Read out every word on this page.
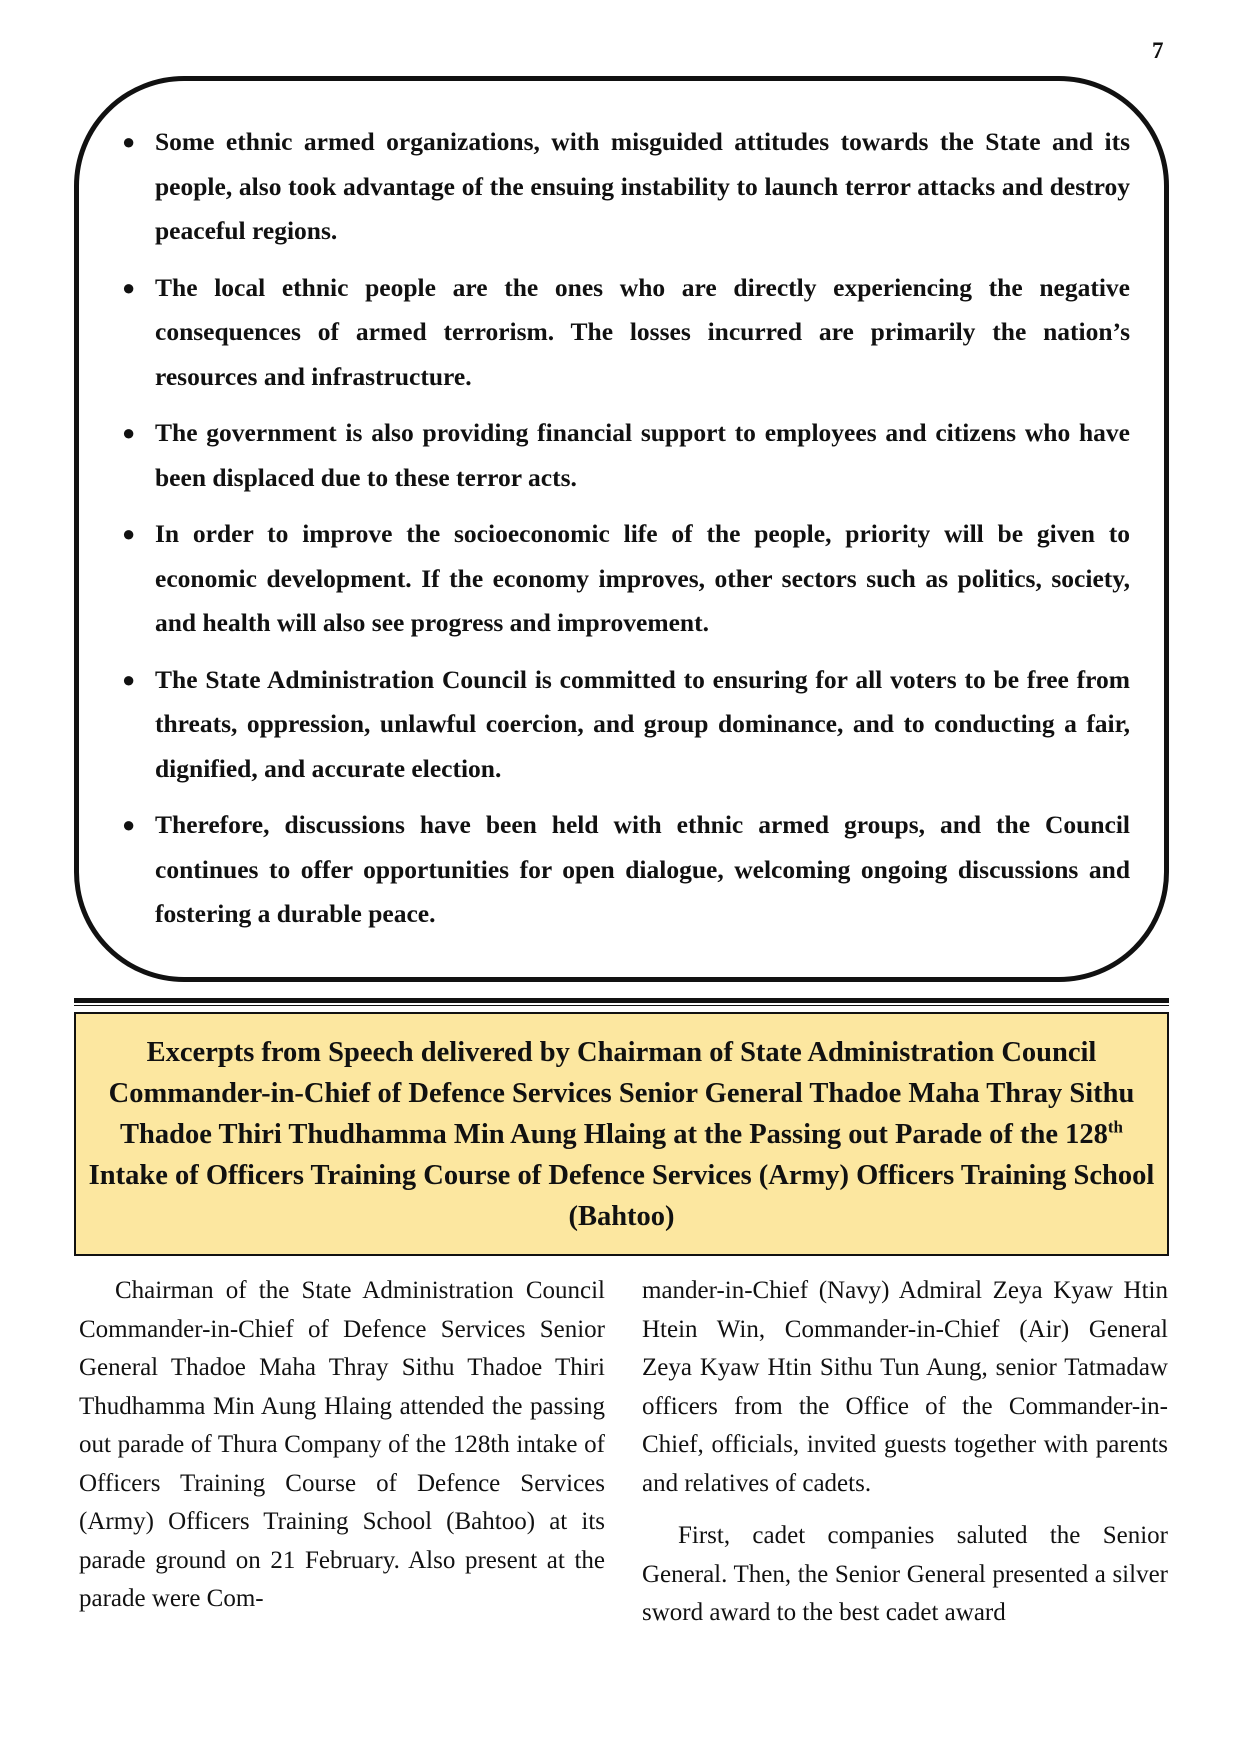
7
● Some ethnic armed organizations, with misguided attitudes towards the State and its people, also took advantage of the ensuing instability to launch terror attacks and destroy peaceful regions.
● The local ethnic people are the ones who are directly experiencing the negative consequences of armed terrorism. The losses incurred are primarily the nation’s resources and infrastructure.
● The government is also providing financial support to employees and citizens who have been displaced due to these terror acts.
● In order to improve the socioeconomic life of the people, priority will be given to economic development. If the economy improves, other sectors such as politics, society, and health will also see progress and improvement.
● The State Administration Council is committed to ensuring for all voters to be free from threats, oppression, unlawful coercion, and group dominance, and to conducting a fair, dignified, and accurate election.
● Therefore, discussions have been held with ethnic armed groups, and the Council continues to offer opportunities for open dialogue, welcoming ongoing discussions and fostering a durable peace.

Excerpts from Speech delivered by Chairman of State Administration Council Commander-in-Chief of Defence Services Senior General Thadoe Maha Thray Sithu Thadoe Thiri Thudhamma Min Aung Hlaing at the Passing out Parade of the 128th Intake of Officers Training Course of Defence Services (Army) Officers Training School (Bahtoo)

Chairman of the State Administration Council Commander-in-Chief of Defence Services Senior General Thadoe Maha Thray Sithu Thadoe Thiri Thudhamma Min Aung Hlaing attended the passing out parade of Thura Company of the 128th intake of Officers Training Course of Defence Services (Army) Officers Training School (Bahtoo) at its parade ground on 21 February. Also present at the parade were Com-

mander-in-Chief (Navy) Admiral Zeya Kyaw Htin Htein Win, Commander-in-Chief (Air) General Zeya Kyaw Htin Sithu Tun Aung, senior Tatmadaw officers from the Office of the Commander-in-Chief, officials, invited guests together with parents and relatives of cadets.

First, cadet companies saluted the Senior General. Then, the Senior General presented a silver sword award to the best cadet award
